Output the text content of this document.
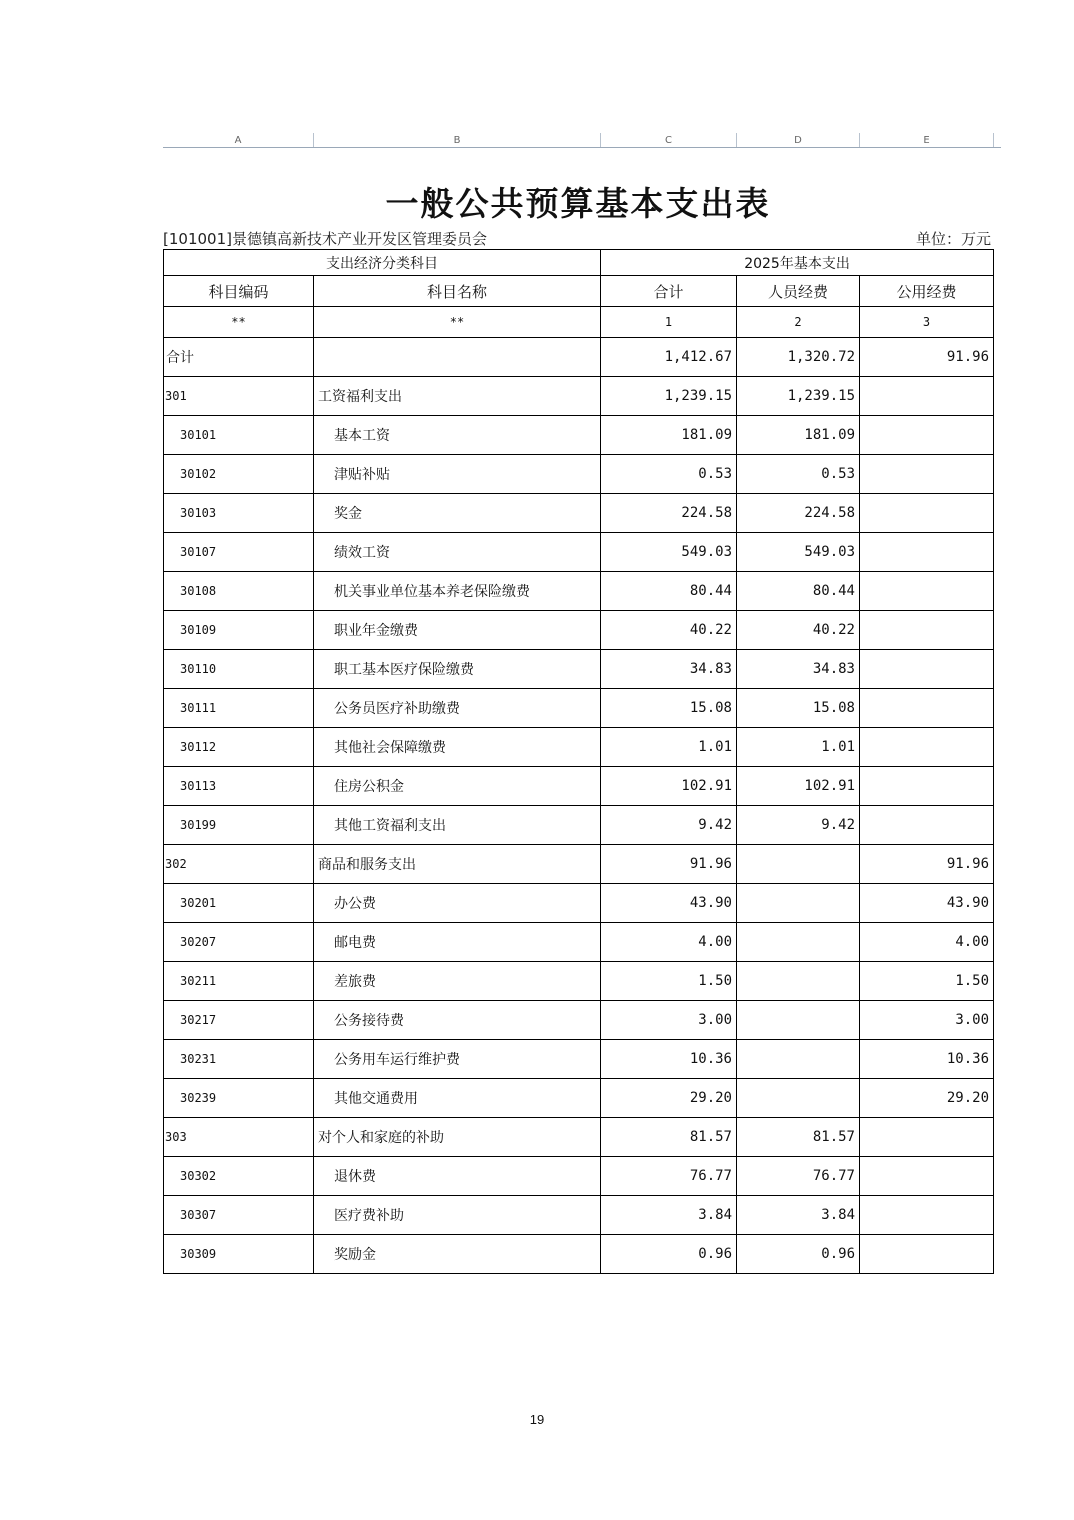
A	B	C	D	E
一般公共预算基本支出表
[101001]景德镇高新技术产业开发区管理委员会	单位：万元
支出经济分类科目		2025年基本支出		
科目编码	科目名称	合计	人员经费	公用经费
**	**	1	2	3
合计		1,412.67	1,320.72	91.96
301	工资福利支出	1,239.15	1,239.15	
30101	基本工资	181.09	181.09	
30102	津贴补贴	0.53	0.53	
30103	奖金	224.58	224.58	
30107	绩效工资	549.03	549.03	
30108	机关事业单位基本养老保险缴费	80.44	80.44	
30109	职业年金缴费	40.22	40.22	
30110	职工基本医疗保险缴费	34.83	34.83	
30111	公务员医疗补助缴费	15.08	15.08	
30112	其他社会保障缴费	1.01	1.01	
30113	住房公积金	102.91	102.91	
30199	其他工资福利支出	9.42	9.42	
302	商品和服务支出	91.96		91.96
30201	办公费	43.90		43.90
30207	邮电费	4.00		4.00
30211	差旅费	1.50		1.50
30217	公务接待费	3.00		3.00
30231	公务用车运行维护费	10.36		10.36
30239	其他交通费用	29.20		29.20
303	对个人和家庭的补助	81.57	81.57	
30302	退休费	76.77	76.77	
30307	医疗费补助	3.84	3.84	
30309	奖励金	0.96	0.96	
19
